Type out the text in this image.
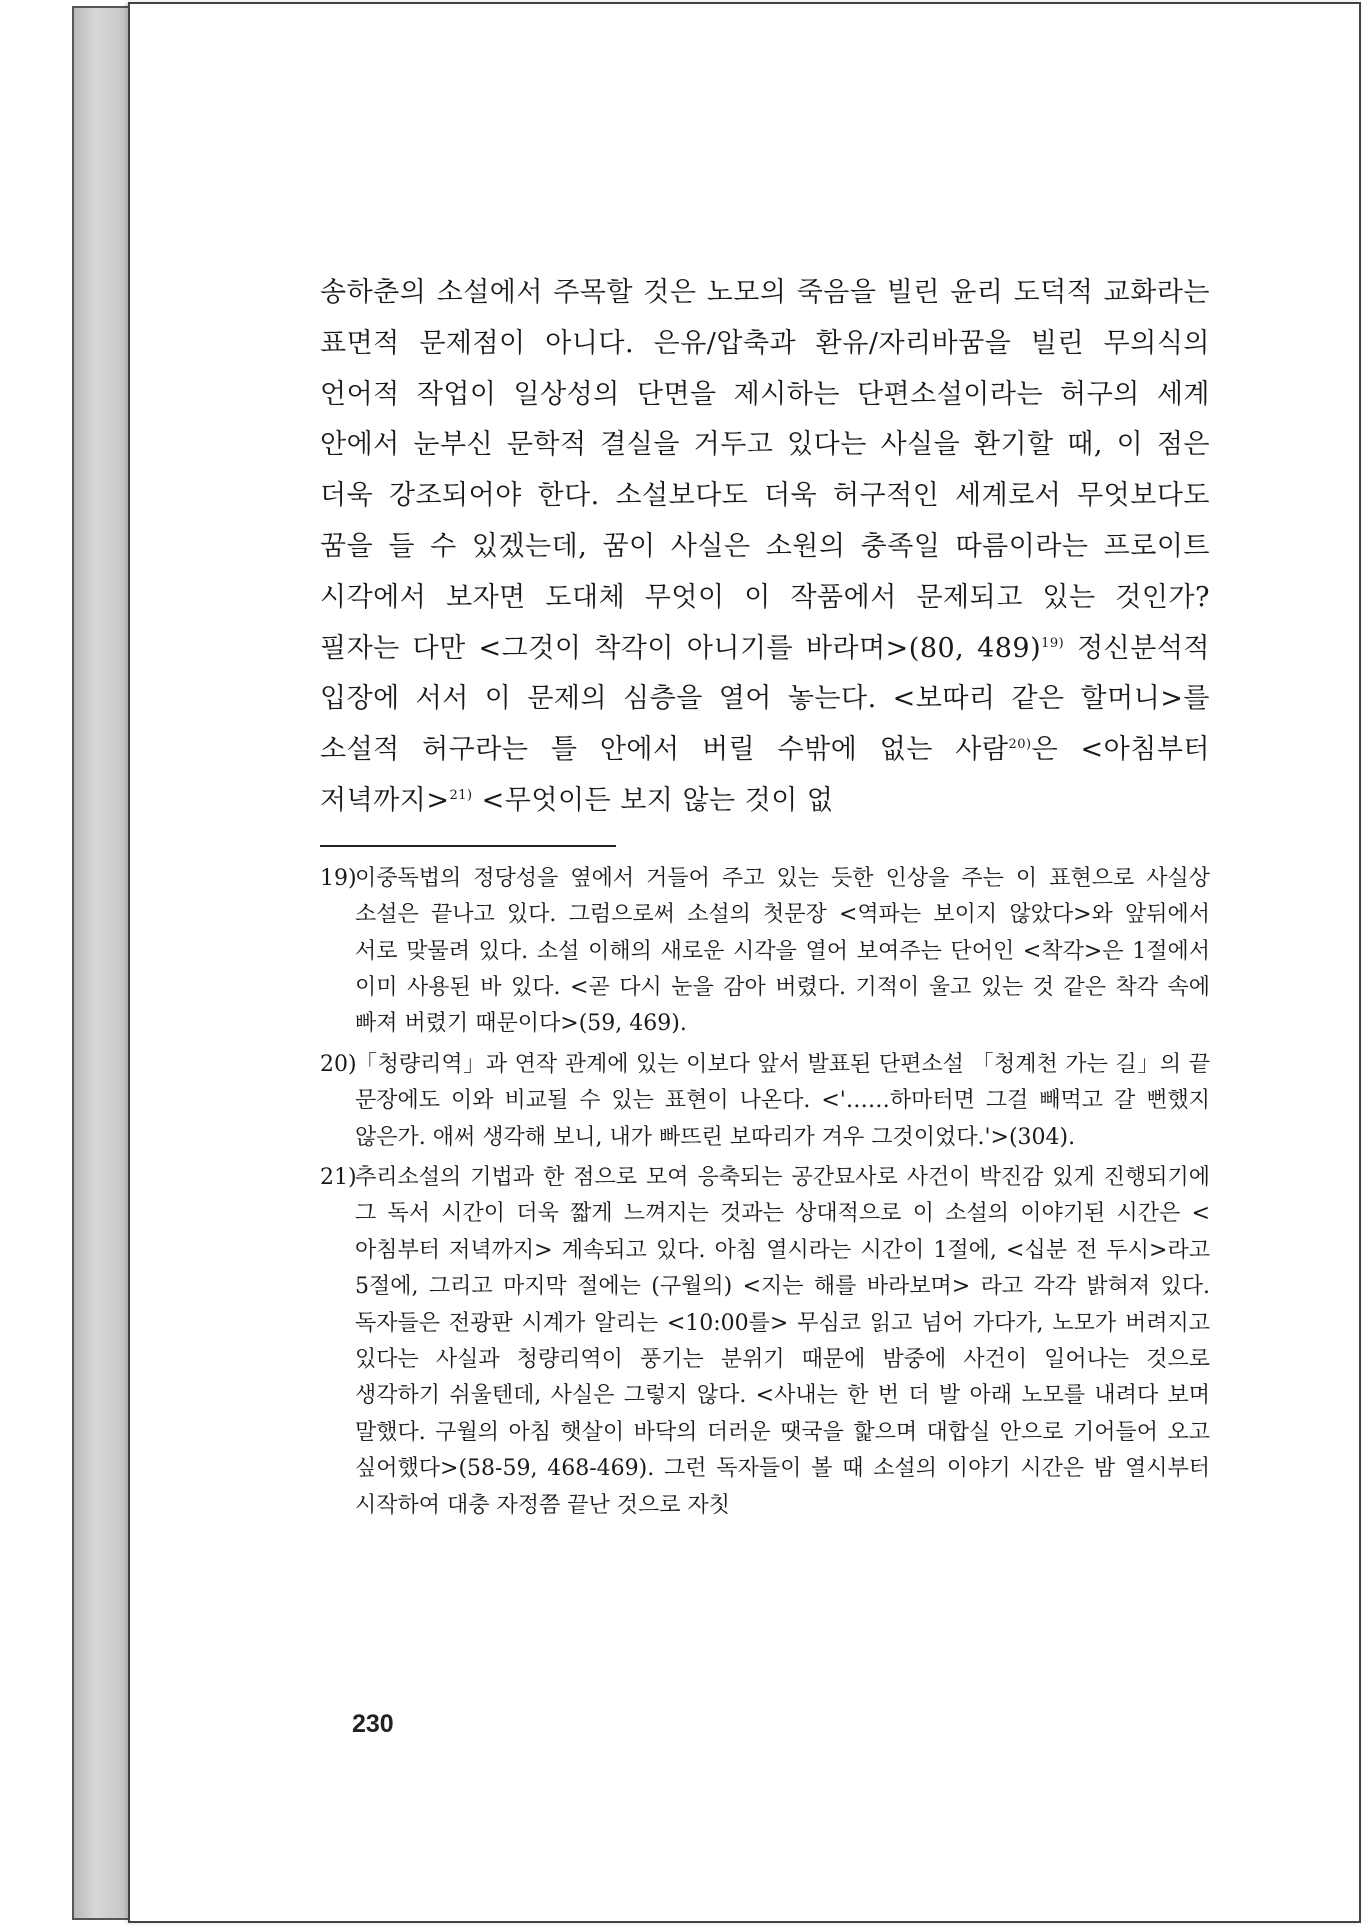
송하춘의 소설에서 주목할 것은 노모의 죽음을 빌린 윤리 도덕적 교화라는 표면적 문제점이 아니다. 은유/압축과 환유/자리바꿈을 빌린 무의식의 언어적 작업이 일상성의 단면을 제시하는 단편소설이라는 허구의 세계 안에서 눈부신 문학적 결실을 거두고 있다는 사실을 환기할 때, 이 점은 더욱 강조되어야 한다. 소설보다도 더욱 허구적인 세계로서 무엇보다도 꿈을 들 수 있겠는데, 꿈이 사실은 소원의 충족일 따름이라는 프로이트 시각에서 보자면 도대체 무엇이 이 작품에서 문제되고 있는 것인가? 필자는 다만 <그것이 착각이 아니기를 바라며>(80, 489)$^{19)}$ 정신분석적 입장에 서서 이 문제의 심층을 열어 놓는다. <보따리 같은 할머니>를 소설적 허구라는 틀 안에서 버릴 수밖에 없는 사람$^{20)}$은 <아침부터 저녁까지>$^{21)}$ <무엇이든 보지 않는 것이 없

19)
이중독법의 정당성을 옆에서 거들어 주고 있는 듯한 인상을 주는 이 표현으로 사실상 소설은 끝나고 있다. 그럼으로써 소설의 첫문장 <역파는 보이지 않았다>와 앞뒤에서 서로 맞물려 있다. 소설 이해의 새로운 시각을 열어 보여주는 단어인 <착각>은 1절에서 이미 사용된 바 있다. <곧 다시 눈을 감아 버렸다. 기적이 울고 있는 것 같은 착각 속에 빠져 버렸기 때문이다>(59, 469).
20)
「청량리역」과 연작 관계에 있는 이보다 앞서 발표된 단편소설 「청계천 가는 길」의 끝 문장에도 이와 비교될 수 있는 표현이 나온다. <'……하마터면 그걸 빼먹고 갈 뻔했지 않은가. 애써 생각해 보니, 내가 빠뜨린 보따리가 겨우 그것이었다.'>(304).
21)
추리소설의 기법과 한 점으로 모여 응축되는 공간묘사로 사건이 박진감 있게 진행되기에 그 독서 시간이 더욱 짧게 느껴지는 것과는 상대적으로 이 소설의 이야기된 시간은 <아침부터 저녁까지> 계속되고 있다. 아침 열시라는 시간이 1절에, <십분 전 두시>라고 5절에, 그리고 마지막 절에는 (구월의) <지는 해를 바라보며> 라고 각각 밝혀져 있다. 독자들은 전광판 시계가 알리는 <10:00를> 무심코 읽고 넘어 가다가, 노모가 버려지고 있다는 사실과 청량리역이 풍기는 분위기 때문에 밤중에 사건이 일어나는 것으로 생각하기 쉬울텐데, 사실은 그렇지 않다. <사내는 한 번 더 발 아래 노모를 내려다 보며 말했다. 구월의 아침 햇살이 바닥의 더러운 땟국을 핥으며 대합실 안으로 기어들어 오고 싶어했다>(58-59, 468-469). 그런 독자들이 볼 때 소설의 이야기 시간은 밤 열시부터 시작하여 대충 자정쯤 끝난 것으로 자칫
230
